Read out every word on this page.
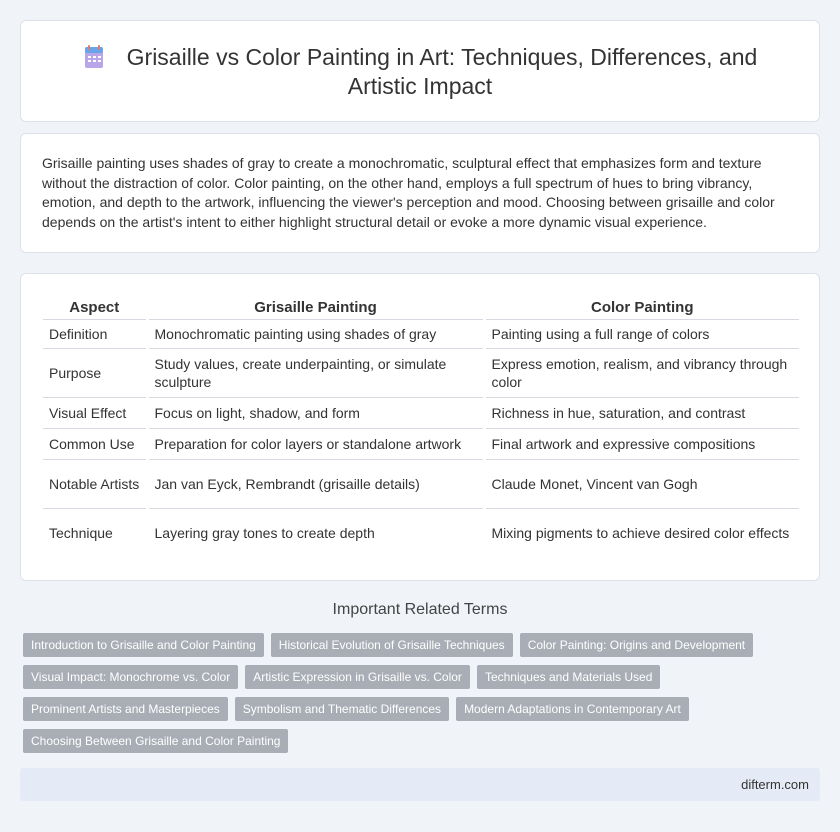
Grisaille vs Color Painting in Art: Techniques, Differences, and
Artistic Impact

Grisaille painting uses shades of gray to create a monochromatic, sculptural effect that emphasizes form and texture without the distraction of color. Color painting, on the other hand, employs a full spectrum of hues to bring vibrancy, emotion, and depth to the artwork, influencing the viewer's perception and mood. Choosing between grisaille and color depends on the artist's intent to either highlight structural detail or evoke a more dynamic visual experience.

Aspect	Grisaille Painting	Color Painting
Definition	Monochromatic painting using shades of gray	Painting using a full range of colors
Purpose	Study values, create underpainting, or simulate sculpture	Express emotion, realism, and vibrancy through color
Visual Effect	Focus on light, shadow, and form	Richness in hue, saturation, and contrast
Common Use	Preparation for color layers or standalone artwork	Final artwork and expressive compositions
Notable Artists	Jan van Eyck, Rembrandt (grisaille details)	Claude Monet, Vincent van Gogh
Technique	Layering gray tones to create depth	Mixing pigments to achieve desired color effects
Important Related Terms
Introduction to Grisaille and Color Painting	Historical Evolution of Grisaille Techniques	Color Painting: Origins and Development
Visual Impact: Monochrome vs. Color	Artistic Expression in Grisaille vs. Color	Techniques and Materials Used
Prominent Artists and Masterpieces	Symbolism and Thematic Differences	Modern Adaptations in Contemporary Art
Choosing Between Grisaille and Color Painting
difterm.com
